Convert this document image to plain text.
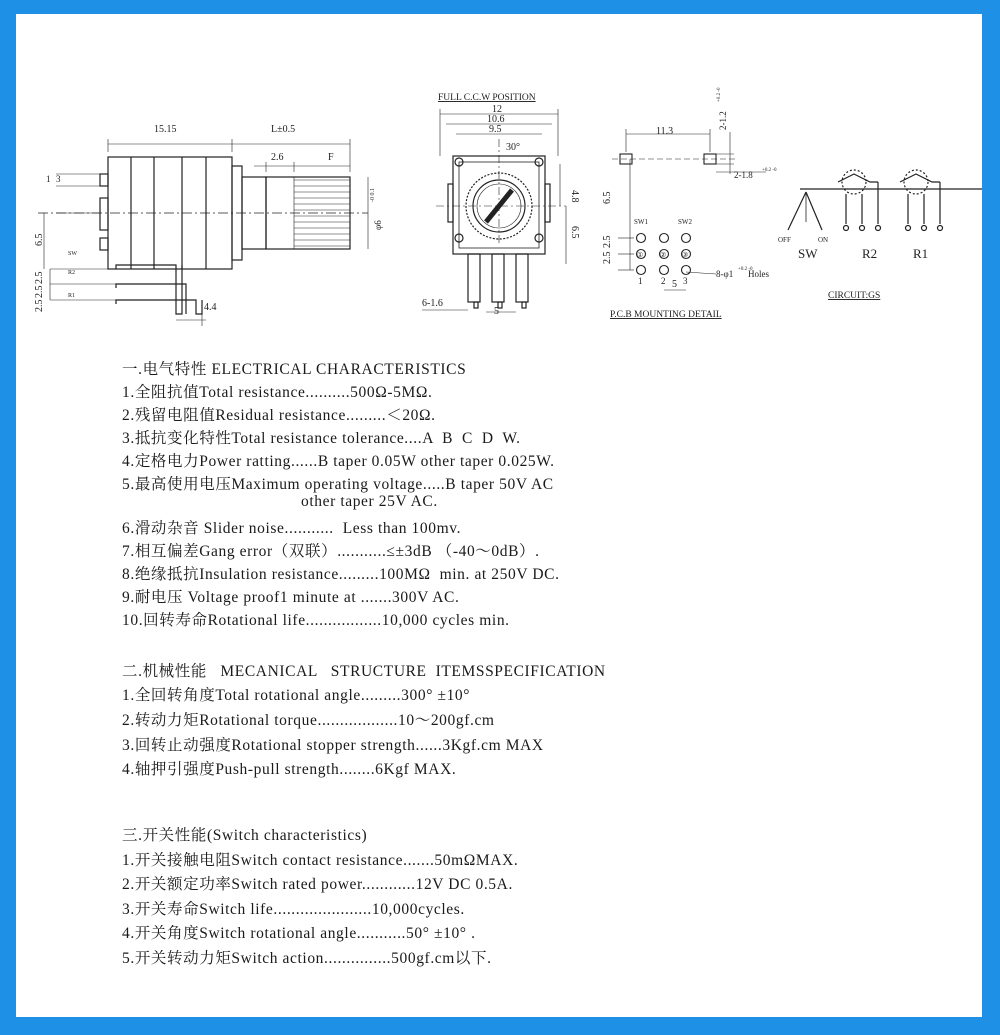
15.15	L±0.5
2.6	F
1 3
6.5
2.5
2.5
2.5	4.4
φ6
-0 0.1
SW
R2
R1
FULL C.C.W POSITION
12
10.6
9.5
30°
4.8
6.5
6-1.6
5
11.3
2-1.2
+0.2 -0
2-1.8 +0.2 -0
6.5
2.5
2.5
SW1	SW2
① ② ③
1 2 3
8-φ1 +0.2 -0
Holes
5
P.C.B MOUNTING DETAIL
OFF	ON
SW	R2	R1
CIRCUIT:GS
一.电气特性 ELECTRICAL CHARACTERISTICS
1.全阻抗值Total resistance..........500Ω-5MΩ.
2.残留电阻值Residual resistance.........＜20Ω.
3.抵抗变化特性Total resistance tolerance....A  B  C  D  W.
4.定格电力Power ratting......B taper 0.05W other taper 0.025W.
5.最高使用电压Maximum operating voltage.....B taper 50V AC
other taper 25V AC.
6.滑动杂音 Slider noise...........  Less than 100mv.
7.相互偏差Gang error（双联）...........≤±3dB （-40～0dB）.
8.绝缘抵抗Insulation resistance.........100MΩ  min. at 250V DC.
9.耐电压 Voltage proof1 minute at .......300V AC.
10.回转寿命Rotational life.................10,000 cycles min.
二.机械性能   MECANICAL   STRUCTURE  ITEMSSPECIFICATION
1.全回转角度Total rotational angle.........300° ±10°
2.转动力矩Rotational torque..................10～200gf.cm
3.回转止动强度Rotational stopper strength......3Kgf.cm MAX
4.轴押引强度Push-pull strength........6Kgf MAX.
三.开关性能(Switch characteristics)
1.开关接触电阻Switch contact resistance.......50mΩMAX.
2.开关额定功率Switch rated power............12V DC 0.5A.
3.开关寿命Switch life......................10,000cycles.
4.开关角度Switch rotational angle...........50° ±10° .
5.开关转动力矩Switch action...............500gf.cm以下.
